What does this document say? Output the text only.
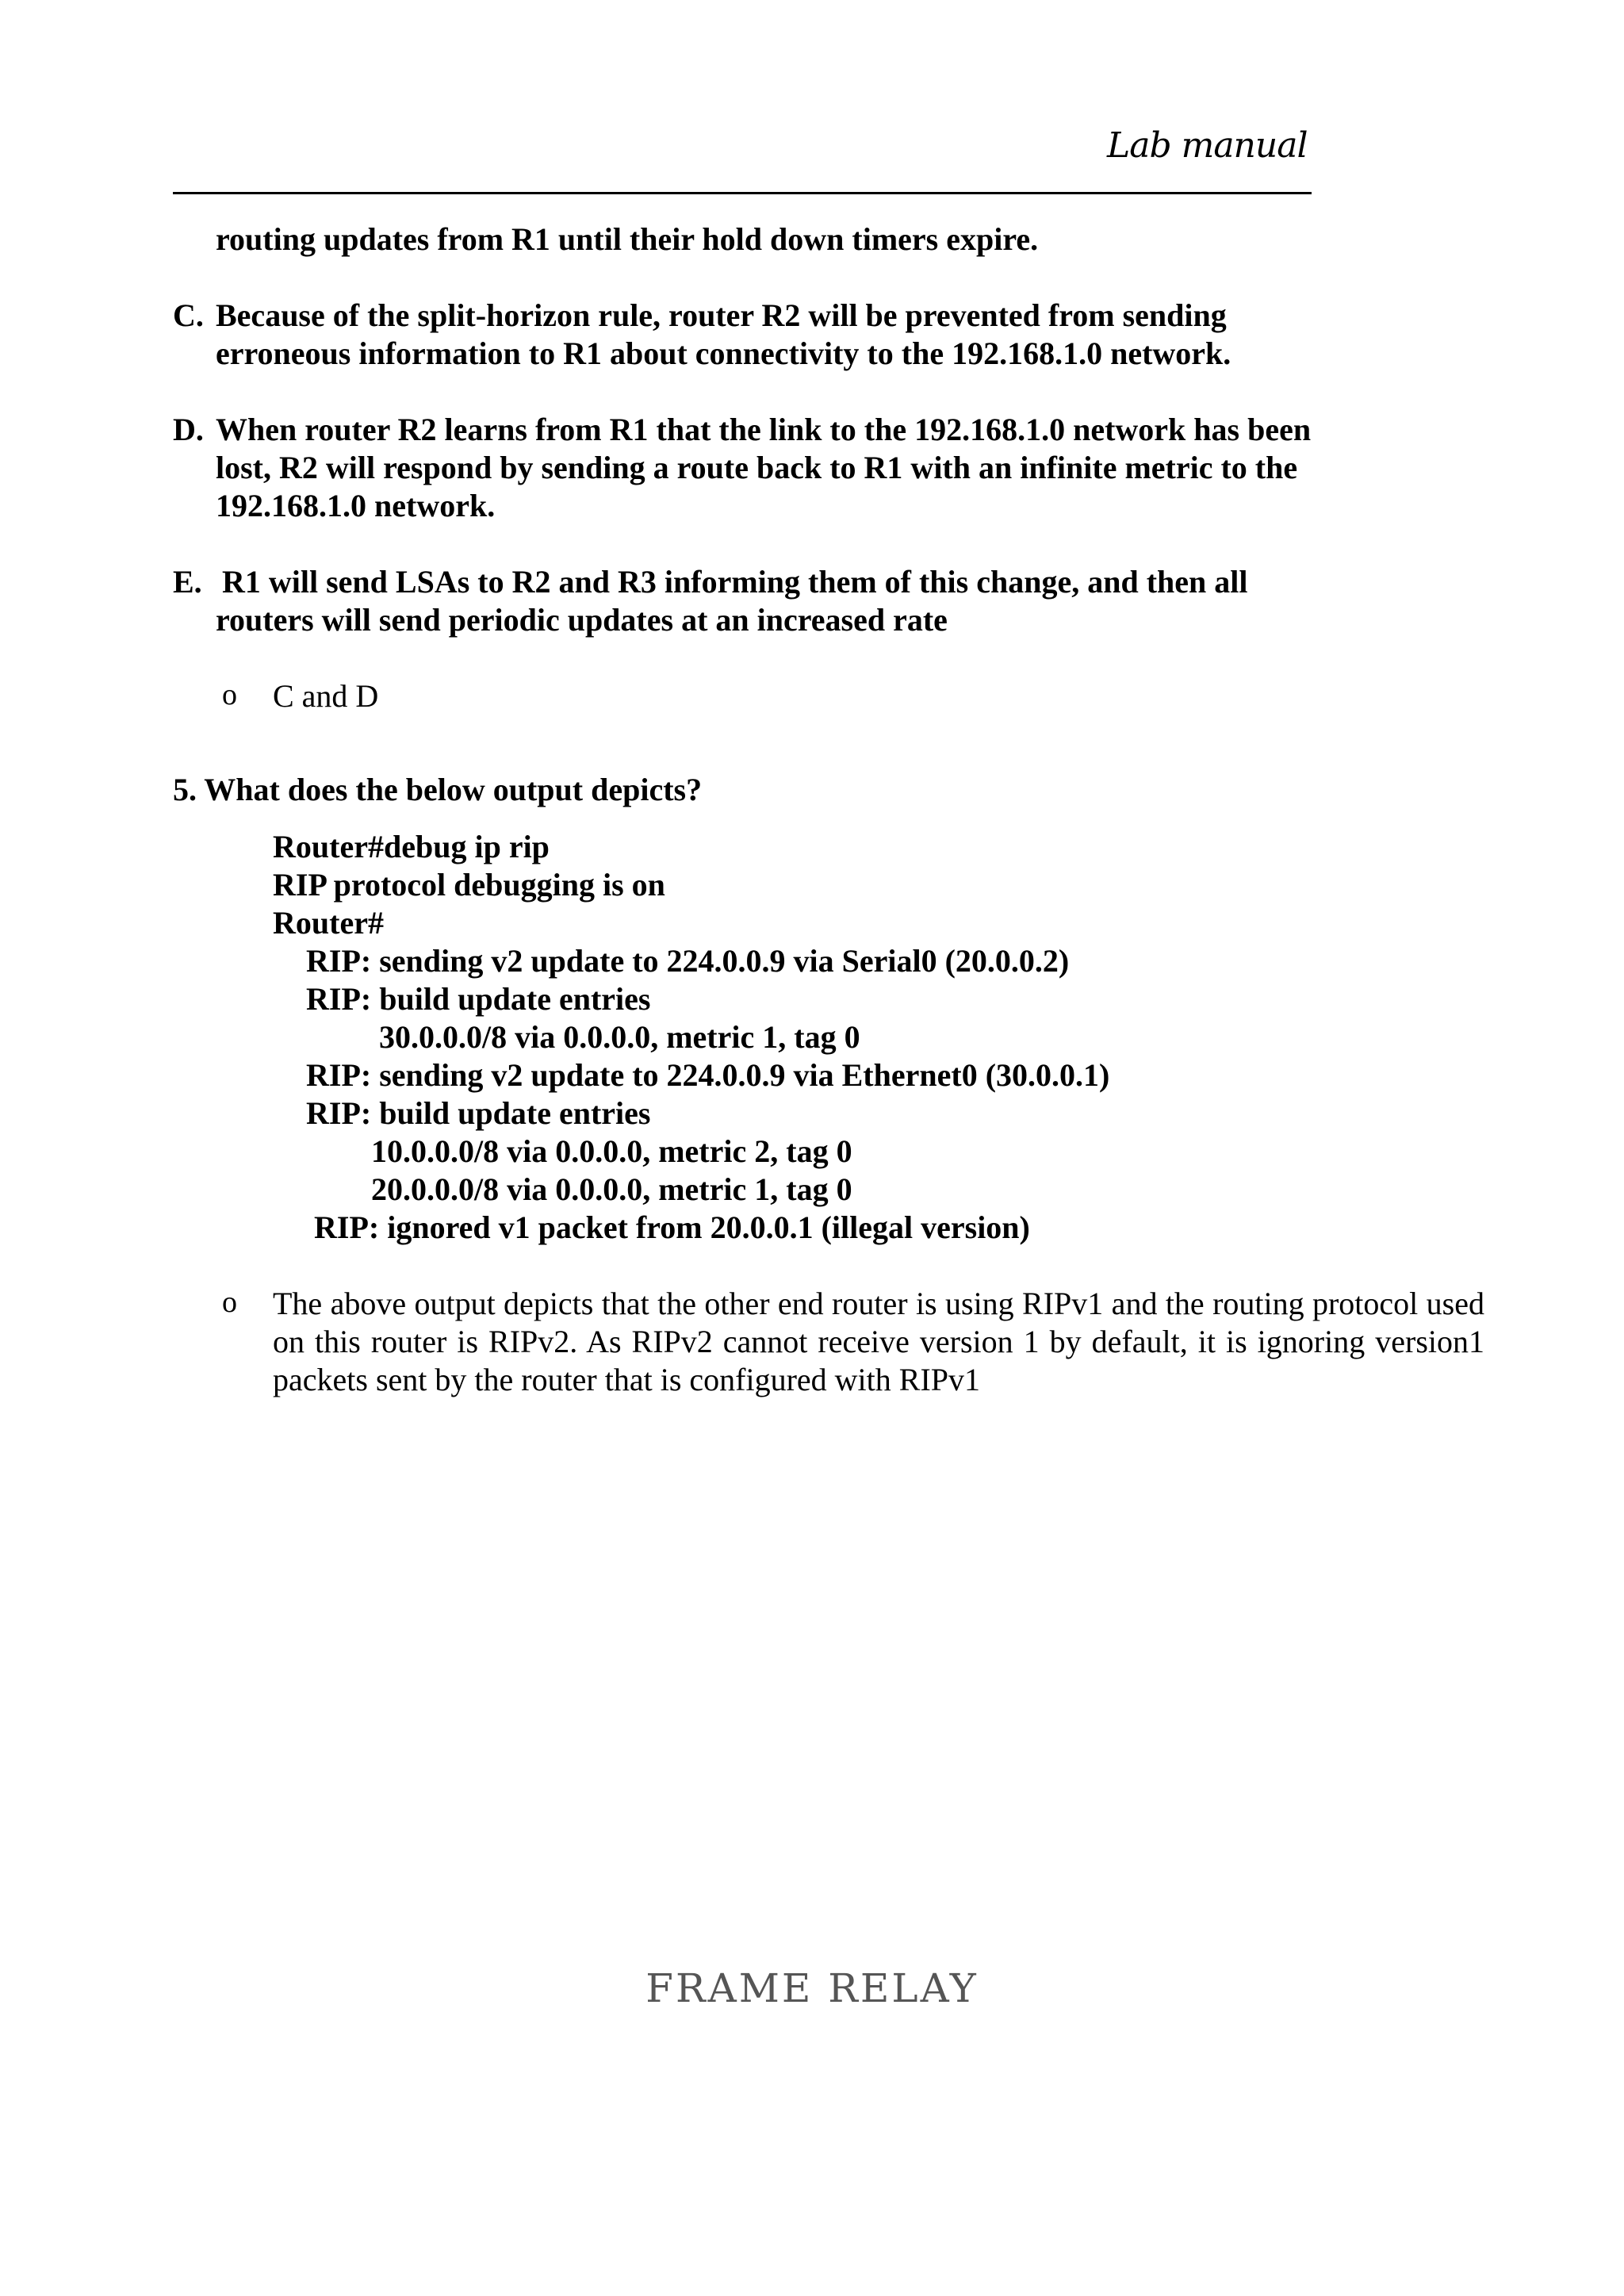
Lab manual
routing updates from R1 until their hold down timers expire.
C. Because of the split-horizon rule, router R2 will be prevented from sending
erroneous information to R1 about connectivity to the 192.168.1.0 network.
D. When router R2 learns from R1 that the link to the 192.168.1.0 network has been
lost, R2 will respond by sending a route back to R1 with an infinite metric to the
192.168.1.0 network.
E. R1 will send LSAs to R2 and R3 informing them of this change, and then all
routers will send periodic updates at an increased rate
o C and D
5. What does the below output depicts?
Router#debug ip rip
RIP protocol debugging is on
Router#
RIP: sending v2 update to 224.0.0.9 via Serial0 (20.0.0.2)
RIP: build update entries
30.0.0.0/8 via 0.0.0.0, metric 1, tag 0
RIP: sending v2 update to 224.0.0.9 via Ethernet0 (30.0.0.1)
RIP: build update entries
10.0.0.0/8 via 0.0.0.0, metric 2, tag 0
20.0.0.0/8 via 0.0.0.0, metric 1, tag 0
RIP: ignored v1 packet from 20.0.0.1 (illegal version)
o The above output depicts that the other end router is using RIPv1 and the routing protocol used on this router is RIPv2. As RIPv2 cannot receive version 1 by default, it is ignoring version1 packets sent by the router that is configured with RIPv1
FRAME RELAY
